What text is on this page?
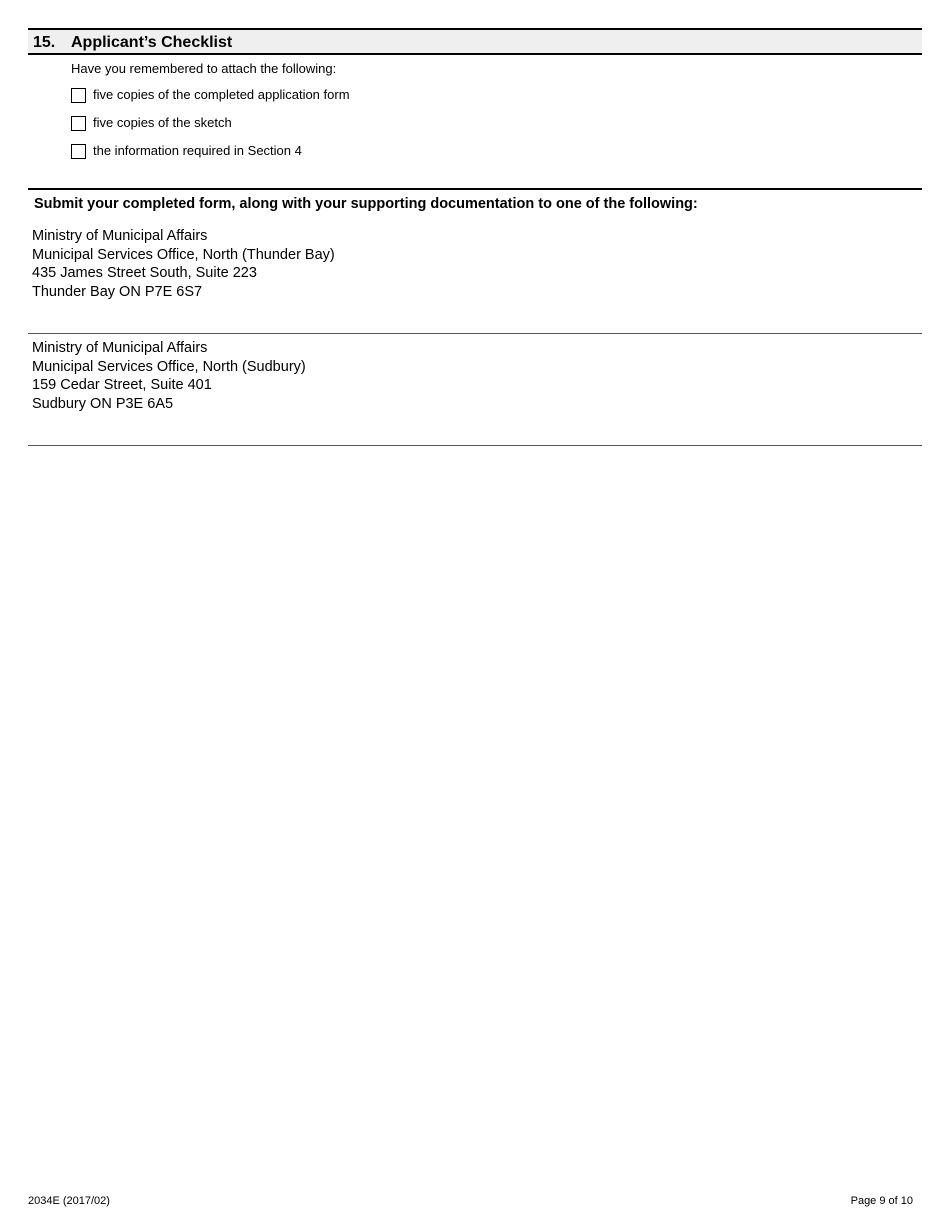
15. Applicant’s Checklist
Have you remembered to attach the following:
five copies of the completed application form
five copies of the sketch
the information required in Section 4
Submit your completed form, along with your supporting documentation to one of the following:
Ministry of Municipal Affairs
Municipal Services Office, North (Thunder Bay)
435 James Street South, Suite 223
Thunder Bay ON P7E 6S7
Ministry of Municipal Affairs
Municipal Services Office, North (Sudbury)
159 Cedar Street, Suite 401
Sudbury ON P3E 6A5
2034E (2017/02)	Page 9 of 10
